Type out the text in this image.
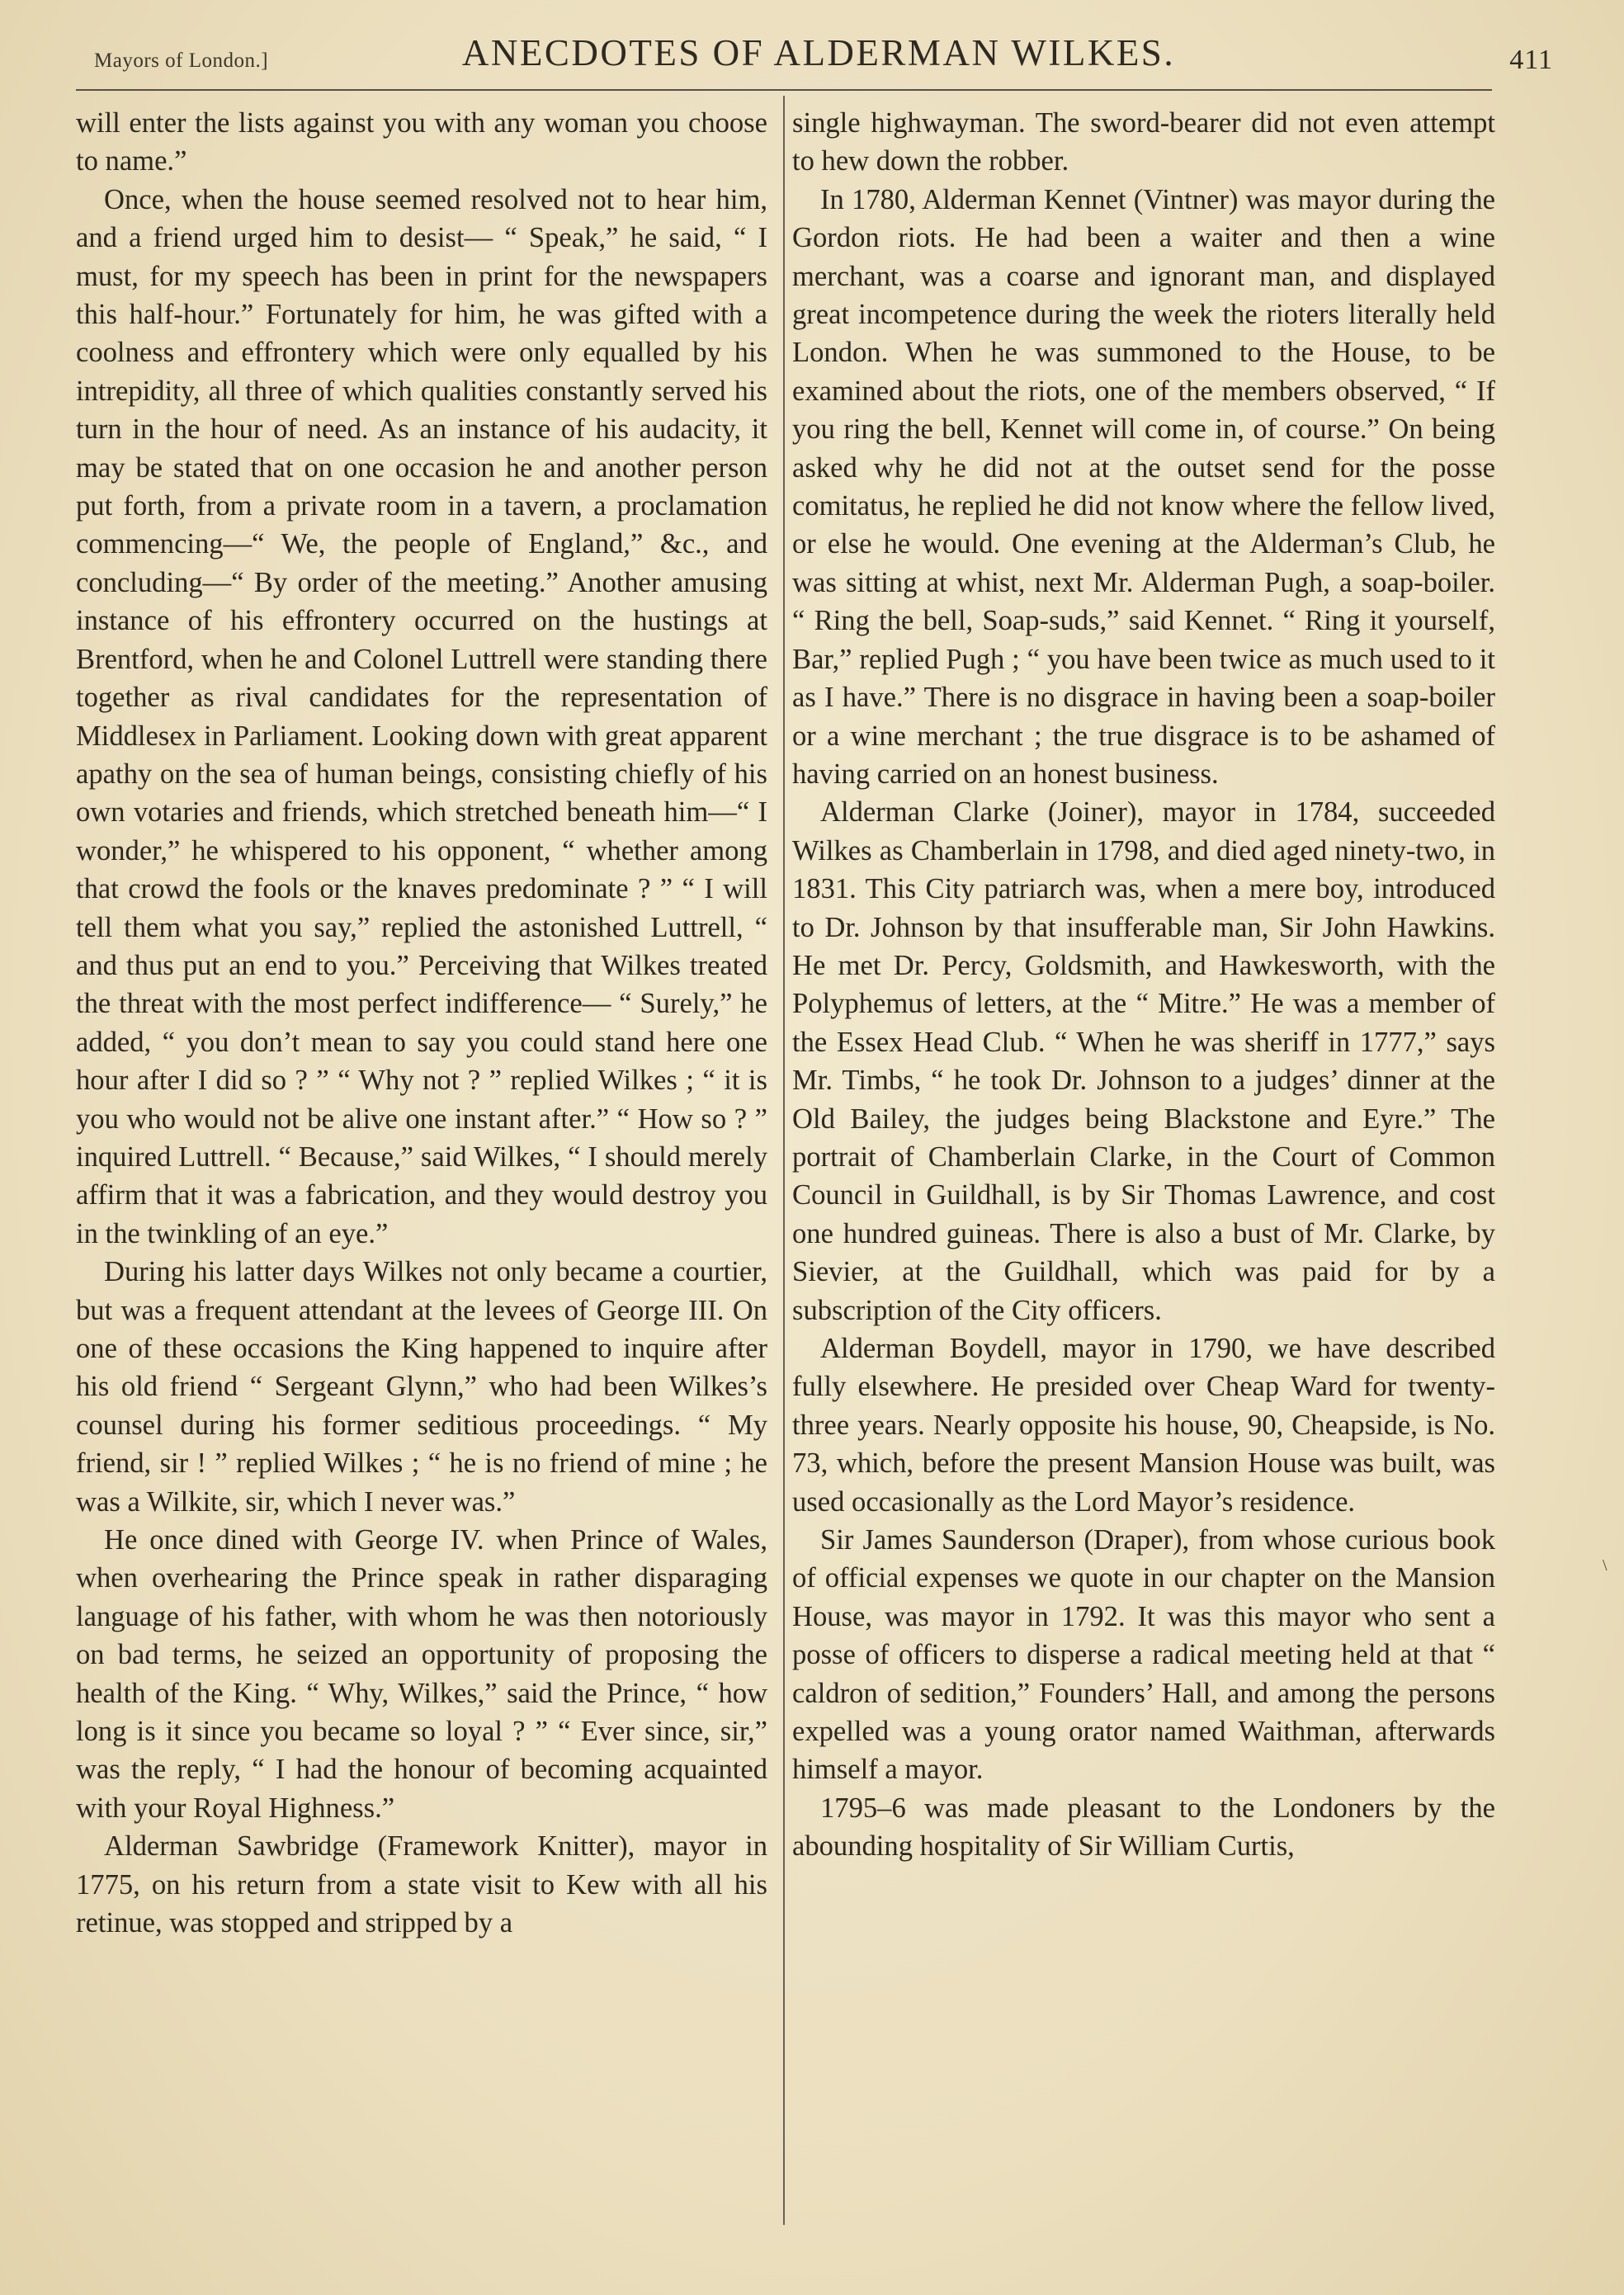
Mayors of London.]	ANECDOTES OF ALDERMAN WILKES.	411

will enter the lists against you with any woman you choose to name.”

Once, when the house seemed resolved not to hear him, and a friend urged him to desist— “ Speak,” he said, “ I must, for my speech has been in print for the newspapers this half-hour.” Fortunately for him, he was gifted with a coolness and effrontery which were only equalled by his intrepidity, all three of which qualities constantly served his turn in the hour of need. As an instance of his audacity, it may be stated that on one occasion he and another person put forth, from a private room in a tavern, a proclamation commencing—“ We, the people of England,” &c., and concluding—“ By order of the meeting.” Another amusing instance of his effrontery occurred on the hustings at Brentford, when he and Colonel Luttrell were standing there together as rival candidates for the representation of Middlesex in Parliament. Looking down with great apparent apathy on the sea of human beings, consisting chiefly of his own votaries and friends, which stretched beneath him—“ I wonder,” he whispered to his opponent, “ whether among that crowd the fools or the knaves predominate ? ” “ I will tell them what you say,” replied the astonished Luttrell, “ and thus put an end to you.” Perceiving that Wilkes treated the threat with the most perfect indifference— “ Surely,” he added, “ you don’t mean to say you could stand here one hour after I did so ? ” “ Why not ? ” replied Wilkes ; “ it is you who would not be alive one instant after.” “ How so ? ” inquired Luttrell. “ Because,” said Wilkes, “ I should merely affirm that it was a fabrication, and they would destroy you in the twinkling of an eye.”

During his latter days Wilkes not only became a courtier, but was a frequent attendant at the levees of George III. On one of these occasions the King happened to inquire after his old friend “ Sergeant Glynn,” who had been Wilkes’s counsel during his former seditious proceedings. “ My friend, sir ! ” replied Wilkes ; “ he is no friend of mine ; he was a Wilkite, sir, which I never was.”

He once dined with George IV. when Prince of Wales, when overhearing the Prince speak in rather disparaging language of his father, with whom he was then notoriously on bad terms, he seized an opportunity of proposing the health of the King. “ Why, Wilkes,” said the Prince, “ how long is it since you became so loyal ? ” “ Ever since, sir,” was the reply, “ I had the honour of becoming acquainted with your Royal Highness.”

Alderman Sawbridge (Framework Knitter), mayor in 1775, on his return from a state visit to Kew with all his retinue, was stopped and stripped by a

single highwayman. The sword-bearer did not even attempt to hew down the robber.

In 1780, Alderman Kennet (Vintner) was mayor during the Gordon riots. He had been a waiter and then a wine merchant, was a coarse and ignorant man, and displayed great incompetence during the week the rioters literally held London. When he was summoned to the House, to be examined about the riots, one of the members observed, “ If you ring the bell, Kennet will come in, of course.” On being asked why he did not at the outset send for the posse comitatus, he replied he did not know where the fellow lived, or else he would. One evening at the Alderman’s Club, he was sitting at whist, next Mr. Alderman Pugh, a soap-boiler. “ Ring the bell, Soap-suds,” said Kennet. “ Ring it yourself, Bar,” replied Pugh ; “ you have been twice as much used to it as I have.” There is no disgrace in having been a soap-boiler or a wine merchant ; the true disgrace is to be ashamed of having carried on an honest business.

Alderman Clarke (Joiner), mayor in 1784, succeeded Wilkes as Chamberlain in 1798, and died aged ninety-two, in 1831. This City patriarch was, when a mere boy, introduced to Dr. Johnson by that insufferable man, Sir John Hawkins. He met Dr. Percy, Goldsmith, and Hawkesworth, with the Polyphemus of letters, at the “ Mitre.” He was a member of the Essex Head Club. “ When he was sheriff in 1777,” says Mr. Timbs, “ he took Dr. Johnson to a judges’ dinner at the Old Bailey, the judges being Blackstone and Eyre.” The portrait of Chamberlain Clarke, in the Court of Common Council in Guildhall, is by Sir Thomas Lawrence, and cost one hundred guineas. There is also a bust of Mr. Clarke, by Sievier, at the Guildhall, which was paid for by a subscription of the City officers.

Alderman Boydell, mayor in 1790, we have described fully elsewhere. He presided over Cheap Ward for twenty-three years. Nearly opposite his house, 90, Cheapside, is No. 73, which, before the present Mansion House was built, was used occasionally as the Lord Mayor’s residence.

Sir James Saunderson (Draper), from whose curious book of official expenses we quote in our chapter on the Mansion House, was mayor in 1792. It was this mayor who sent a posse of officers to disperse a radical meeting held at that “ caldron of sedition,” Founders’ Hall, and among the persons expelled was a young orator named Waithman, afterwards himself a mayor.

1795–6 was made pleasant to the Londoners by the abounding hospitality of Sir William Curtis,

\
